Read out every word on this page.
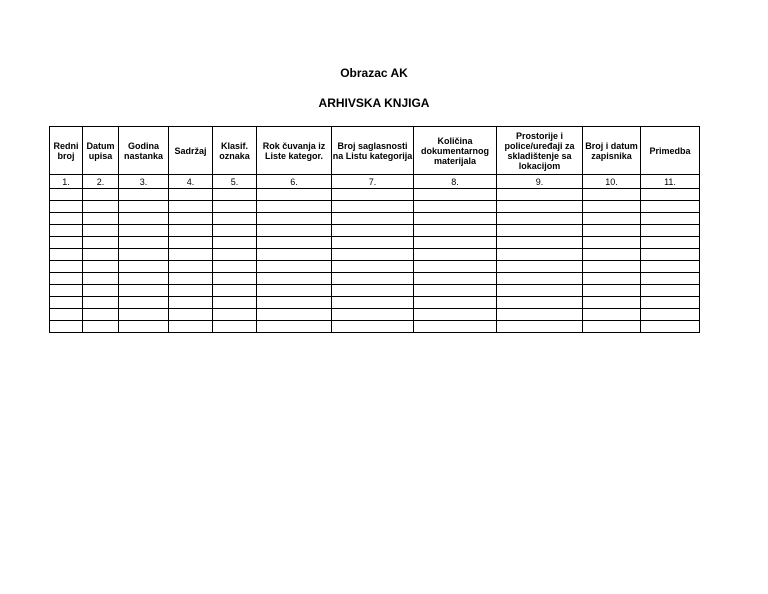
Obrazac AK
ARHIVSKA KNJIGA
Redni broj	Datum upisa	Godina nastanka	Sadržaj	Klasif. oznaka	Rok čuvanja iz Liste kategor.	Broj saglasnosti na Listu kategorija	Količina dokumentarnog materijala	Prostorije i police/uređaji za skladištenje sa lokacijom	Broj i datum zapisnika	Primedba
1.	2.	3.	4.	5.	6.	7.	8.	9.	10.	11.
